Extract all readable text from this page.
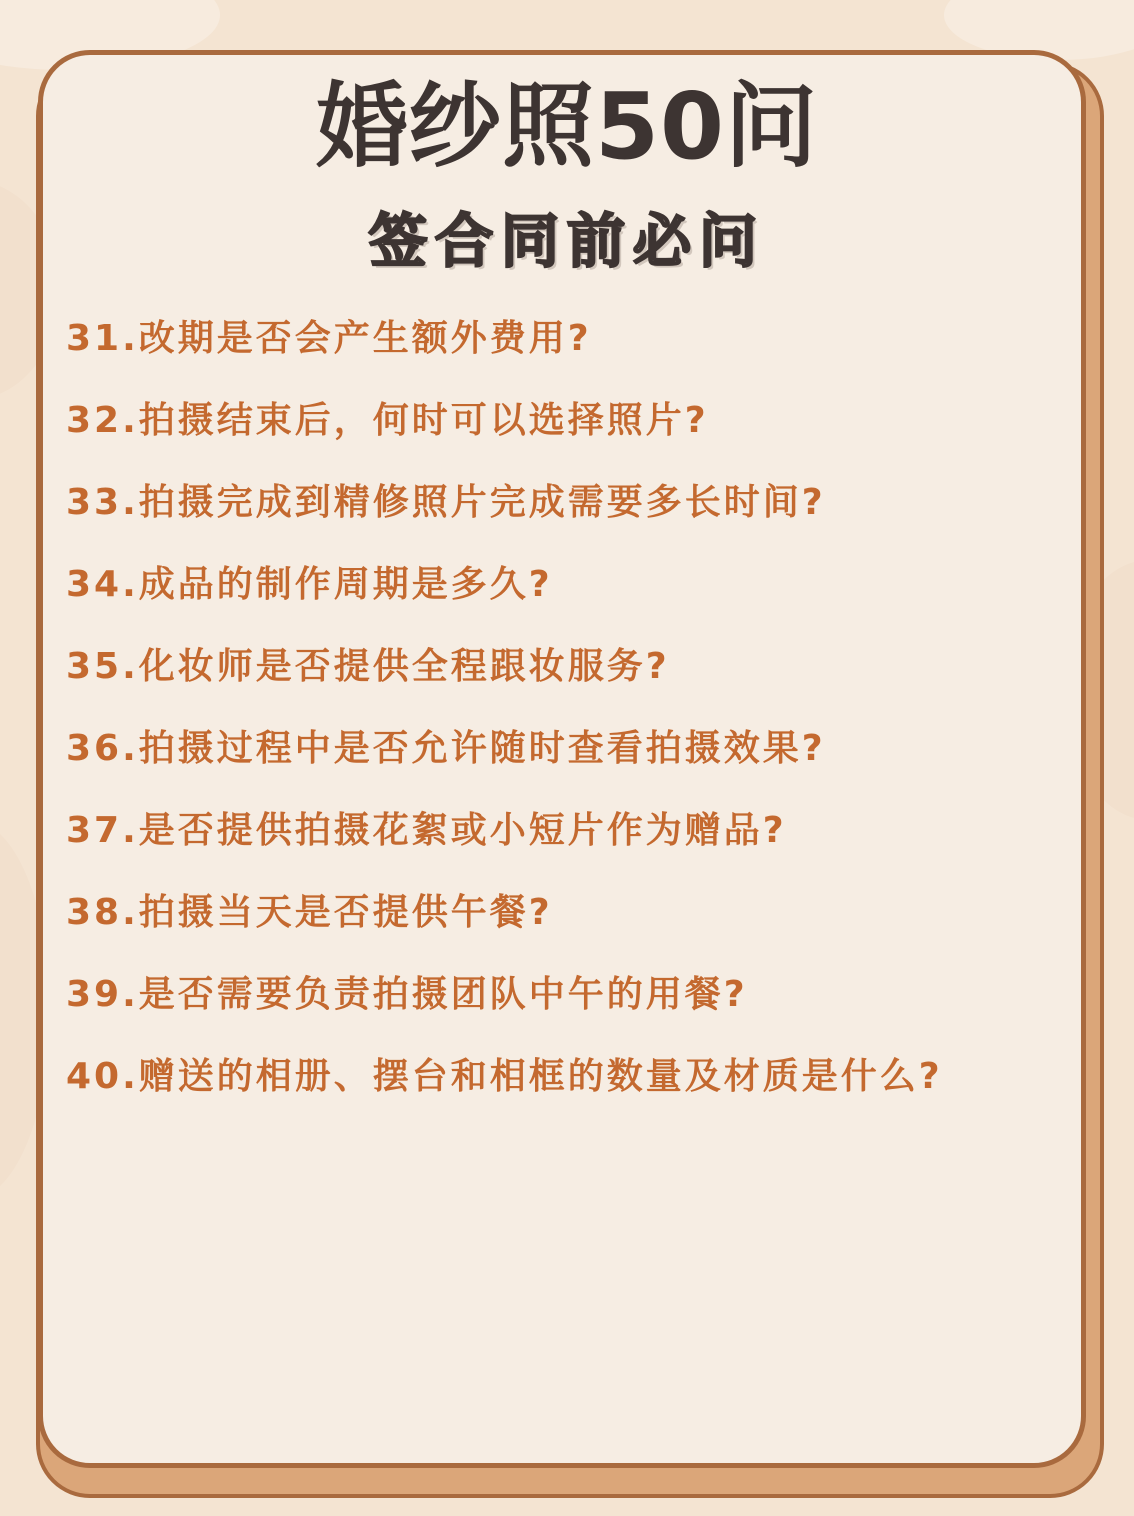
婚纱照50问
签合同前必问
31.改期是否会产生额外费用?
32.拍摄结束后，何时可以选择照片?
33.拍摄完成到精修照片完成需要多长时间?
34.成品的制作周期是多久?
35.化妆师是否提供全程跟妆服务?
36.拍摄过程中是否允许随时查看拍摄效果?
37.是否提供拍摄花絮或小短片作为赠品?
38.拍摄当天是否提供午餐?
39.是否需要负责拍摄团队中午的用餐?
40.赠送的相册、摆台和相框的数量及材质是什么?
